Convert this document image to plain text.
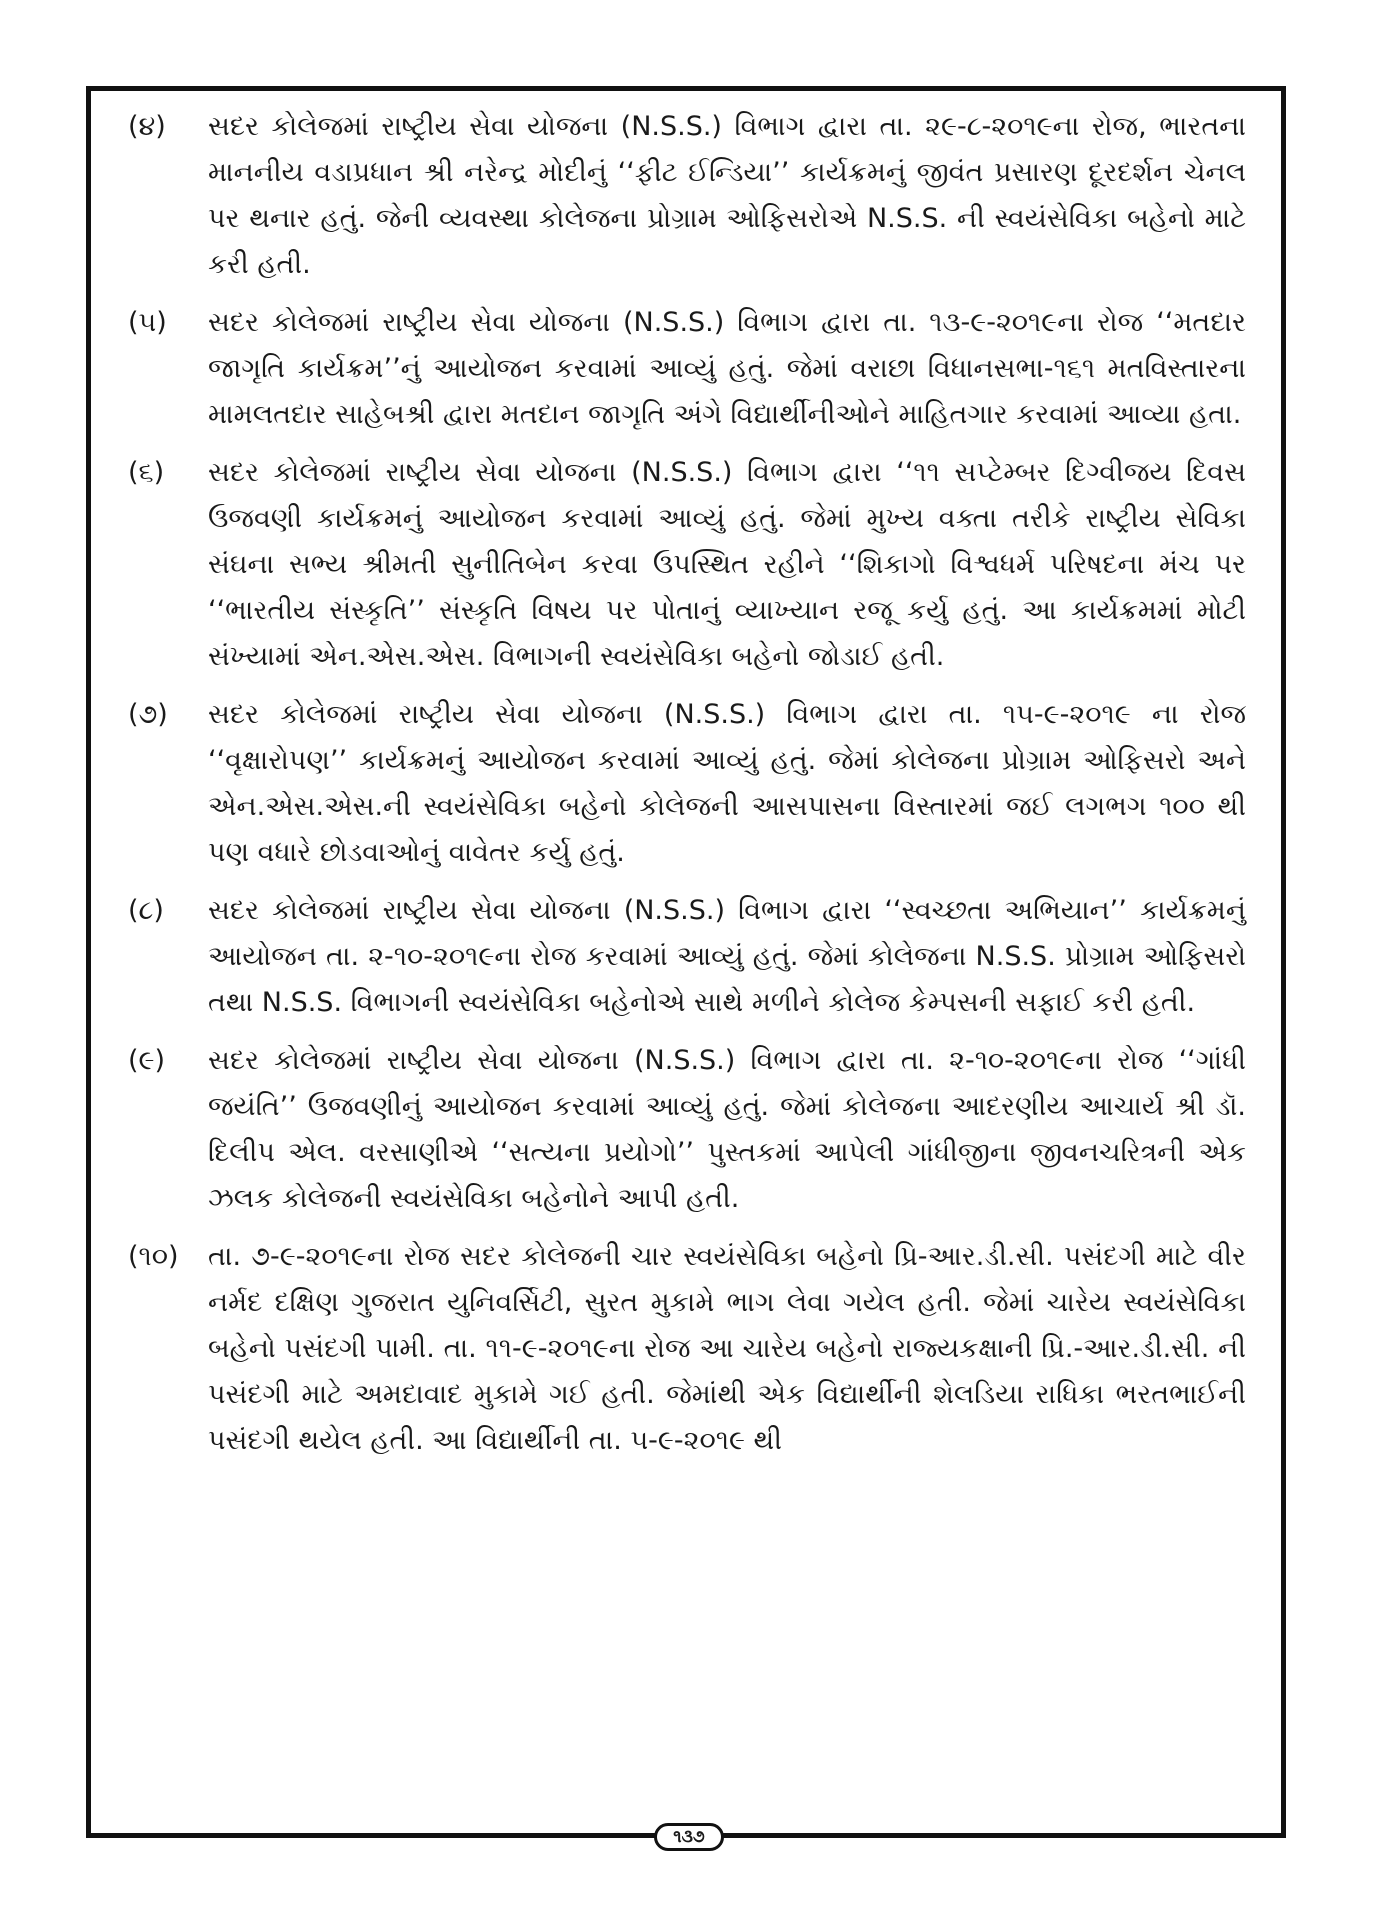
(૪)	સદર કોલેજમાં રાષ્ટ્રીય સેવા યોજના (N.S.S.) વિભાગ દ્વારા તા. ૨૯-૮-૨૦૧૯ના રોજ, ભારતના માનનીય વડાપ્રધાન શ્રી નરેન્દ્ર મોદીનું ‘‘ફીટ ઈન્ડિયા’’ કાર્યક્રમનું જીવંત પ્રસારણ દૂરદર્શન ચેનલ પર થનાર હતું. જેની વ્યવસ્થા કોલેજના પ્રોગ્રામ ઓફિસરોએ N.S.S. ની સ્વયંસેવિકા બહેનો માટે કરી હતી.
(૫)	સદર કોલેજમાં રાષ્ટ્રીય સેવા યોજના (N.S.S.) વિભાગ દ્વારા તા. ૧૩-૯-૨૦૧૯ના રોજ ‘‘મતદાર જાગૃતિ કાર્યક્રમ’’નું આયોજન કરવામાં આવ્યું હતું. જેમાં વરાછા વિધાનસભા-૧૬૧ મતવિસ્તારના મામલતદાર સાહેબશ્રી દ્વારા મતદાન જાગૃતિ અંગે વિદ્યાર્થીનીઓને માહિતગાર કરવામાં આવ્યા હતા.
(૬)	સદર કોલેજમાં રાષ્ટ્રીય સેવા યોજના (N.S.S.) વિભાગ દ્વારા ‘‘૧૧ સપ્ટેમ્બર દિગ્વીજય દિવસ ઉજવણી કાર્યક્રમનું આયોજન કરવામાં આવ્યું હતું. જેમાં મુખ્ય વક્તા તરીકે રાષ્ટ્રીય સેવિકા સંઘના સભ્ય શ્રીમતી સુનીતિબેન કરવા ઉપસ્થિત રહીને ‘‘શિકાગો વિશ્વધર્મ પરિષદના મંચ પર ‘‘ભારતીય સંસ્કૃતિ’’ સંસ્કૃતિ વિષય પર પોતાનું વ્યાખ્યાન રજૂ કર્યુ હતું. આ કાર્યક્રમમાં મોટી સંખ્યામાં એન.એસ.એસ. વિભાગની સ્વયંસેવિકા બહેનો જોડાઈ હતી.
(૭)	સદર કોલેજમાં રાષ્ટ્રીય સેવા યોજના (N.S.S.) વિભાગ દ્વારા તા. ૧૫-૯-૨૦૧૯ ના રોજ ‘‘વૃક્ષારોપણ’’ કાર્યક્રમનું આયોજન કરવામાં આવ્યું હતું. જેમાં કોલેજના પ્રોગ્રામ ઓફિસરો અને એન.એસ.એસ.ની સ્વયંસેવિકા બહેનો કોલેજની આસપાસના વિસ્તારમાં જઈ લગભગ ૧૦૦ થી પણ વધારે છોડવાઓનું વાવેતર કર્યુ હતું.
(૮)	સદર કોલેજમાં રાષ્ટ્રીય સેવા યોજના (N.S.S.) વિભાગ દ્વારા ‘‘સ્વચ્છતા અભિયાન’’ કાર્યક્રમનું આયોજન તા. ૨-૧૦-૨૦૧૯ના રોજ કરવામાં આવ્યું હતું. જેમાં કોલેજના N.S.S. પ્રોગ્રામ ઓફિસરો તથા N.S.S. વિભાગની સ્વયંસેવિકા બહેનોએ સાથે મળીને કોલેજ કેમ્પસની સફાઈ કરી હતી.
(૯)	સદર કોલેજમાં રાષ્ટ્રીય સેવા યોજના (N.S.S.) વિભાગ દ્વારા તા. ૨-૧૦-૨૦૧૯ના રોજ ‘‘ગાંધી જયંતિ’’ ઉજવણીનું આયોજન કરવામાં આવ્યું હતું. જેમાં કોલેજના આદરણીય આચાર્ય શ્રી ડૉ. દિલીપ એલ. વરસાણીએ ‘‘સત્યના પ્રયોગો’’ પુસ્તકમાં આપેલી ગાંધીજીના જીવનચરિત્રની એક ઝલક કોલેજની સ્વયંસેવિકા બહેનોને આપી હતી.
(૧૦)	તા. ૭-૯-૨૦૧૯ના રોજ સદર કોલેજની ચાર સ્વયંસેવિકા બહેનો પ્રિ-આર.ડી.સી. પસંદગી માટે વીર નર્મદ દક્ષિણ ગુજરાત યુનિવર્સિટી, સુરત મુકામે ભાગ લેવા ગયેલ હતી. જેમાં ચારેય સ્વયંસેવિકા બહેનો પસંદગી પામી. તા. ૧૧-૯-૨૦૧૯ના રોજ આ ચારેય બહેનો રાજ્યકક્ષાની પ્રિ.-આર.ડી.સી. ની પસંદગી માટે અમદાવાદ મુકામે ગઈ હતી. જેમાંથી એક વિદ્યાર્થીની શેલડિયા રાધિકા ભરતભાઈની પસંદગી થયેલ હતી. આ વિદ્યાર્થીની તા. ૫-૯-૨૦૧૯ થી
૧૩૭
